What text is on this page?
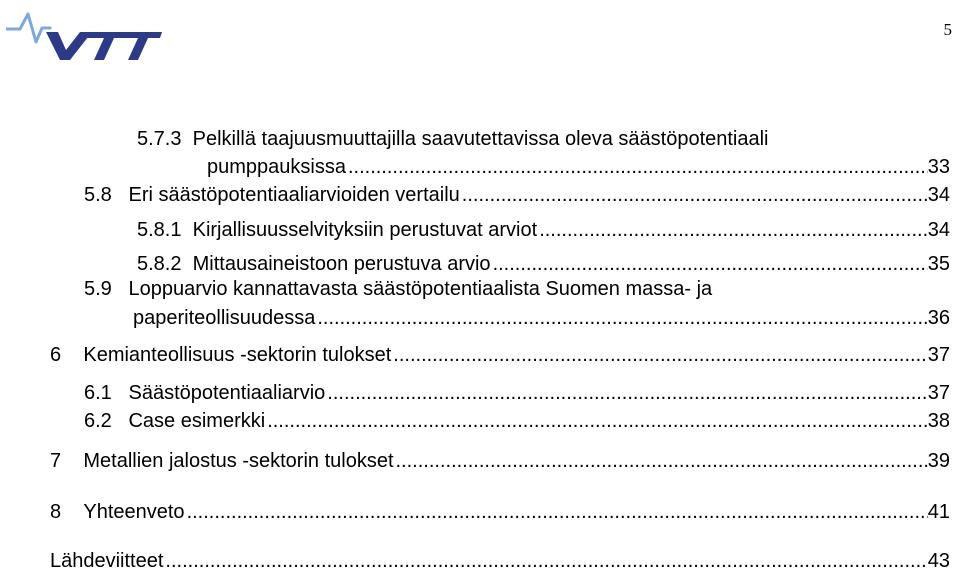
VTT
5
5.7.3
Pelkillä taajuusmuuttajilla saavutettavissa oleva säästöpotentiaali
pumppauksissa .....	33
5.8
Eri säästöpotentiaaliarvioiden vertailu .....	34
5.8.1
Kirjallisuusselvityksiin perustuvat arviot .....	34
5.8.2
Mittausaineistoon perustuva arvio .....	35
5.9
Loppuarvio kannattavasta säästöpotentiaalista Suomen massa- ja
paperiteollisuudessa .....	36
6
Kemianteollisuus -sektorin tulokset .....	37
6.1
Säästöpotentiaaliarvio .....	37
6.2
Case esimerkki .....	38
7
Metallien jalostus -sektorin tulokset .....	39
8
Yhteenveto .....	41
Lähdeviitteet .....	43
